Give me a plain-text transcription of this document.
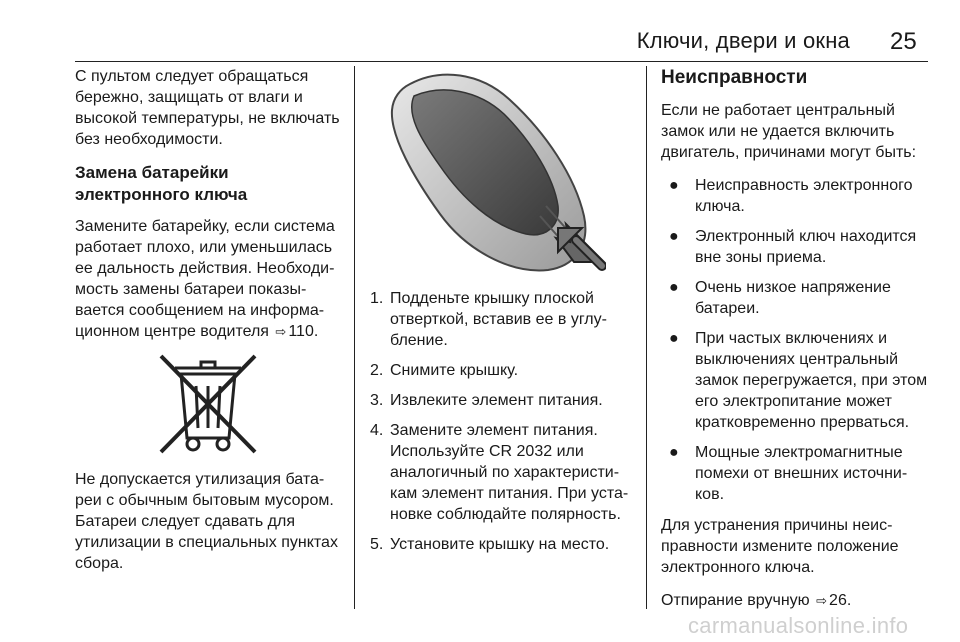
Ключи, двери и окна 25

С пультом следует обращаться бережно, защищать от влаги и высокой температуры, не включать без необходимости.

Замена батарейки электронного ключа

Замените батарейку, если система работает плохо, или уменьшилась ее дальность действия. Необходимость замены батареи показывается сообщением на информационном центре водителя ⇨ 110.

Не допускается утилизация батареи с обычным бытовым мусором. Батареи следует сдавать для утилизации в специальных пунктах сбора.

1. Подденьте крышку плоской отверткой, вставив ее в углубление.
2. Снимите крышку.
3. Извлеките элемент питания.
4. Замените элемент питания. Используйте CR 2032 или аналогичный по характеристикам элемент питания. При установке соблюдайте полярность.
5. Установите крышку на место.
Неисправности

Если не работает центральный замок или не удается включить двигатель, причинами могут быть:

●	Неисправность электронного ключа.
●	Электронный ключ находится вне зоны приема.
●	Очень низкое напряжение батареи.
●	При частых включениях и выключениях центральный замок перегружается, при этом его электропитание может кратковременно прерваться.
●	Мощные электромагнитные помехи от внешних источников.

Для устранения причины неисправности измените положение электронного ключа.

Отпирание вручную ⇨ 26.

carmanualsonline.info
